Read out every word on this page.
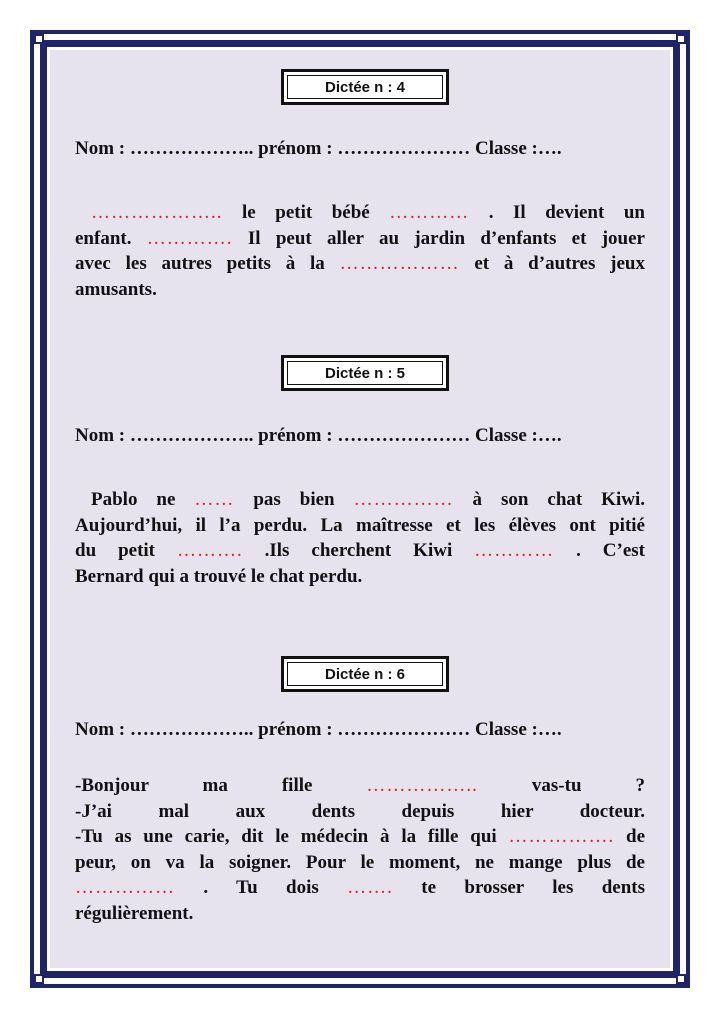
Dictée n : 4
Nom : ……………….. prénom : ………………… Classe :….
……………….. le petit bébé ………… . Il devient un
enfant. …………. Il peut aller au jardin d’enfants et jouer
avec les autres petits à la ……………… et à d’autres jeux
amusants.
Dictée n : 5
Nom : ……………….. prénom : ………………… Classe :….
Pablo ne …… pas bien …………… à son chat Kiwi.
Aujourd’hui, il l’a perdu. La maîtresse et les élèves ont pitié
du petit ………. .Ils cherchent Kiwi ………… . C’est
Bernard qui a trouvé le chat perdu.
Dictée n : 6
Nom : ……………….. prénom : ………………… Classe :….
-Bonjour ma fille …………….. vas-tu ?
-J’ai mal aux dents depuis hier docteur.
-Tu as une carie, dit le médecin à la fille qui ……………. de
peur, on va la soigner. Pour le moment, ne mange plus de
…………… . Tu dois ……. te brosser les dents
régulièrement.
